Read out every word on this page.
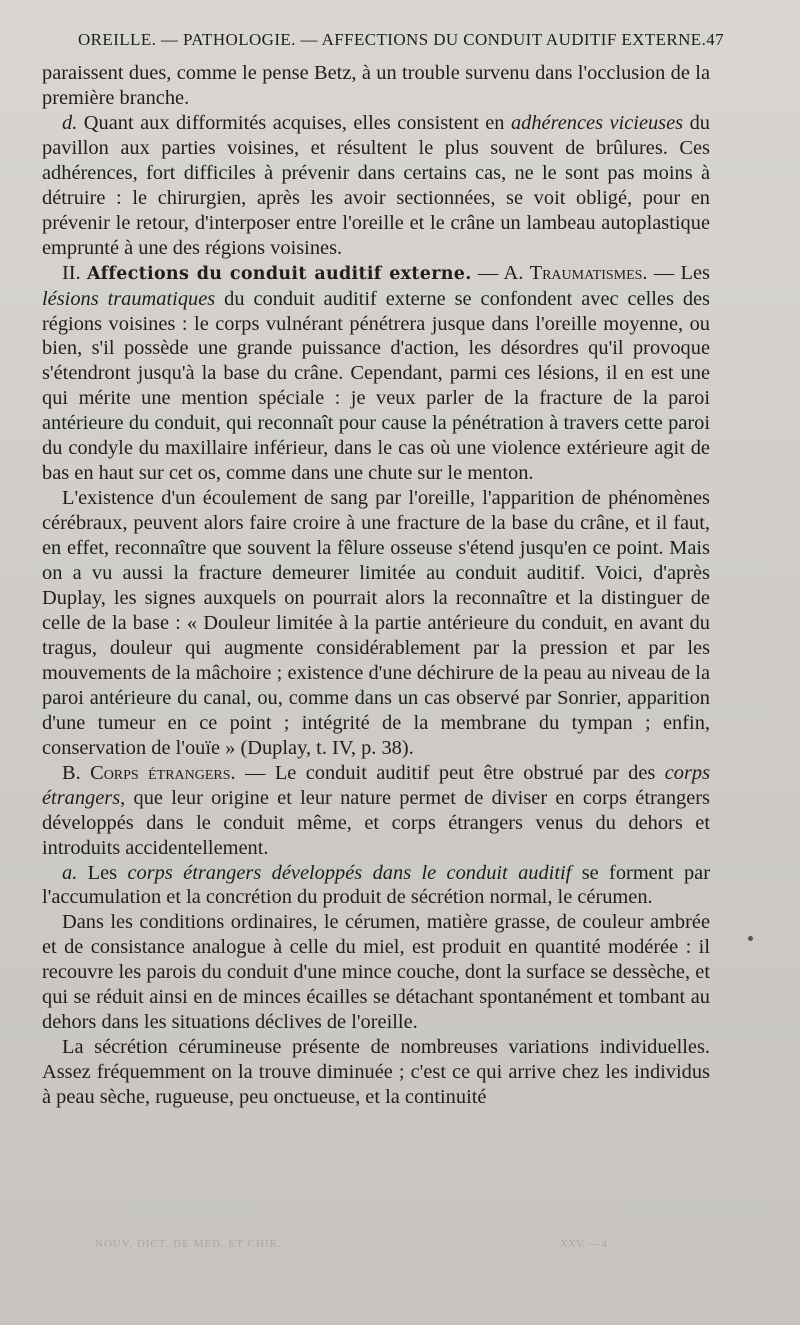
OREILLE. — PATHOLOGIE. — AFFECTIONS DU CONDUIT AUDITIF EXTERNE. 47

paraissent dues, comme le pense Betz, à un trouble survenu dans l'occlusion de la première branche.

d. Quant aux difformités acquises, elles consistent en adhérences vicieuses du pavillon aux parties voisines, et résultent le plus souvent de brûlures. Ces adhérences, fort difficiles à prévenir dans certains cas, ne le sont pas moins à détruire : le chirurgien, après les avoir sectionnées, se voit obligé, pour en prévenir le retour, d'interposer entre l'oreille et le crâne un lambeau autoplastique emprunté à une des régions voisines.

II. Affections du conduit auditif externe. — A. Traumatismes. — Les lésions traumatiques du conduit auditif externe se confondent avec celles des régions voisines : le corps vulnérant pénétrera jusque dans l'oreille moyenne, ou bien, s'il possède une grande puissance d'action, les désordres qu'il provoque s'étendront jusqu'à la base du crâne. Cependant, parmi ces lésions, il en est une qui mérite une mention spéciale : je veux parler de la fracture de la paroi antérieure du conduit, qui reconnaît pour cause la pénétration à travers cette paroi du condyle du maxillaire inférieur, dans le cas où une violence extérieure agit de bas en haut sur cet os, comme dans une chute sur le menton.

L'existence d'un écoulement de sang par l'oreille, l'apparition de phénomènes cérébraux, peuvent alors faire croire à une fracture de la base du crâne, et il faut, en effet, reconnaître que souvent la fêlure osseuse s'étend jusqu'en ce point. Mais on a vu aussi la fracture demeurer limitée au conduit auditif. Voici, d'après Duplay, les signes auxquels on pourrait alors la reconnaître et la distinguer de celle de la base : « Douleur limitée à la partie antérieure du conduit, en avant du tragus, douleur qui augmente considérablement par la pression et par les mouvements de la mâchoire ; existence d'une déchirure de la peau au niveau de la paroi antérieure du canal, ou, comme dans un cas observé par Sonrier, apparition d'une tumeur en ce point ; intégrité de la membrane du tympan ; enfin, conservation de l'ouïe » (Duplay, t. IV, p. 38).

B. Corps étrangers. — Le conduit auditif peut être obstrué par des corps étrangers, que leur origine et leur nature permet de diviser en corps étrangers développés dans le conduit même, et corps étrangers venus du dehors et introduits accidentellement.

a. Les corps étrangers développés dans le conduit auditif se forment par l'accumulation et la concrétion du produit de sécrétion normal, le cérumen.

Dans les conditions ordinaires, le cérumen, matière grasse, de couleur ambrée et de consistance analogue à celle du miel, est produit en quantité modérée : il recouvre les parois du conduit d'une mince couche, dont la surface se dessèche, et qui se réduit ainsi en de minces écailles se détachant spontanément et tombant au dehors dans les situations déclives de l'oreille.

La sécrétion cérumineuse présente de nombreuses variations individuelles. Assez fréquemment on la trouve diminuée ; c'est ce qui arrive chez les individus à peau sèche, rugueuse, peu onctueuse, et la continuité

NOUV. DICT. DE MÉD. ET CHIR.	XXV. — 4
